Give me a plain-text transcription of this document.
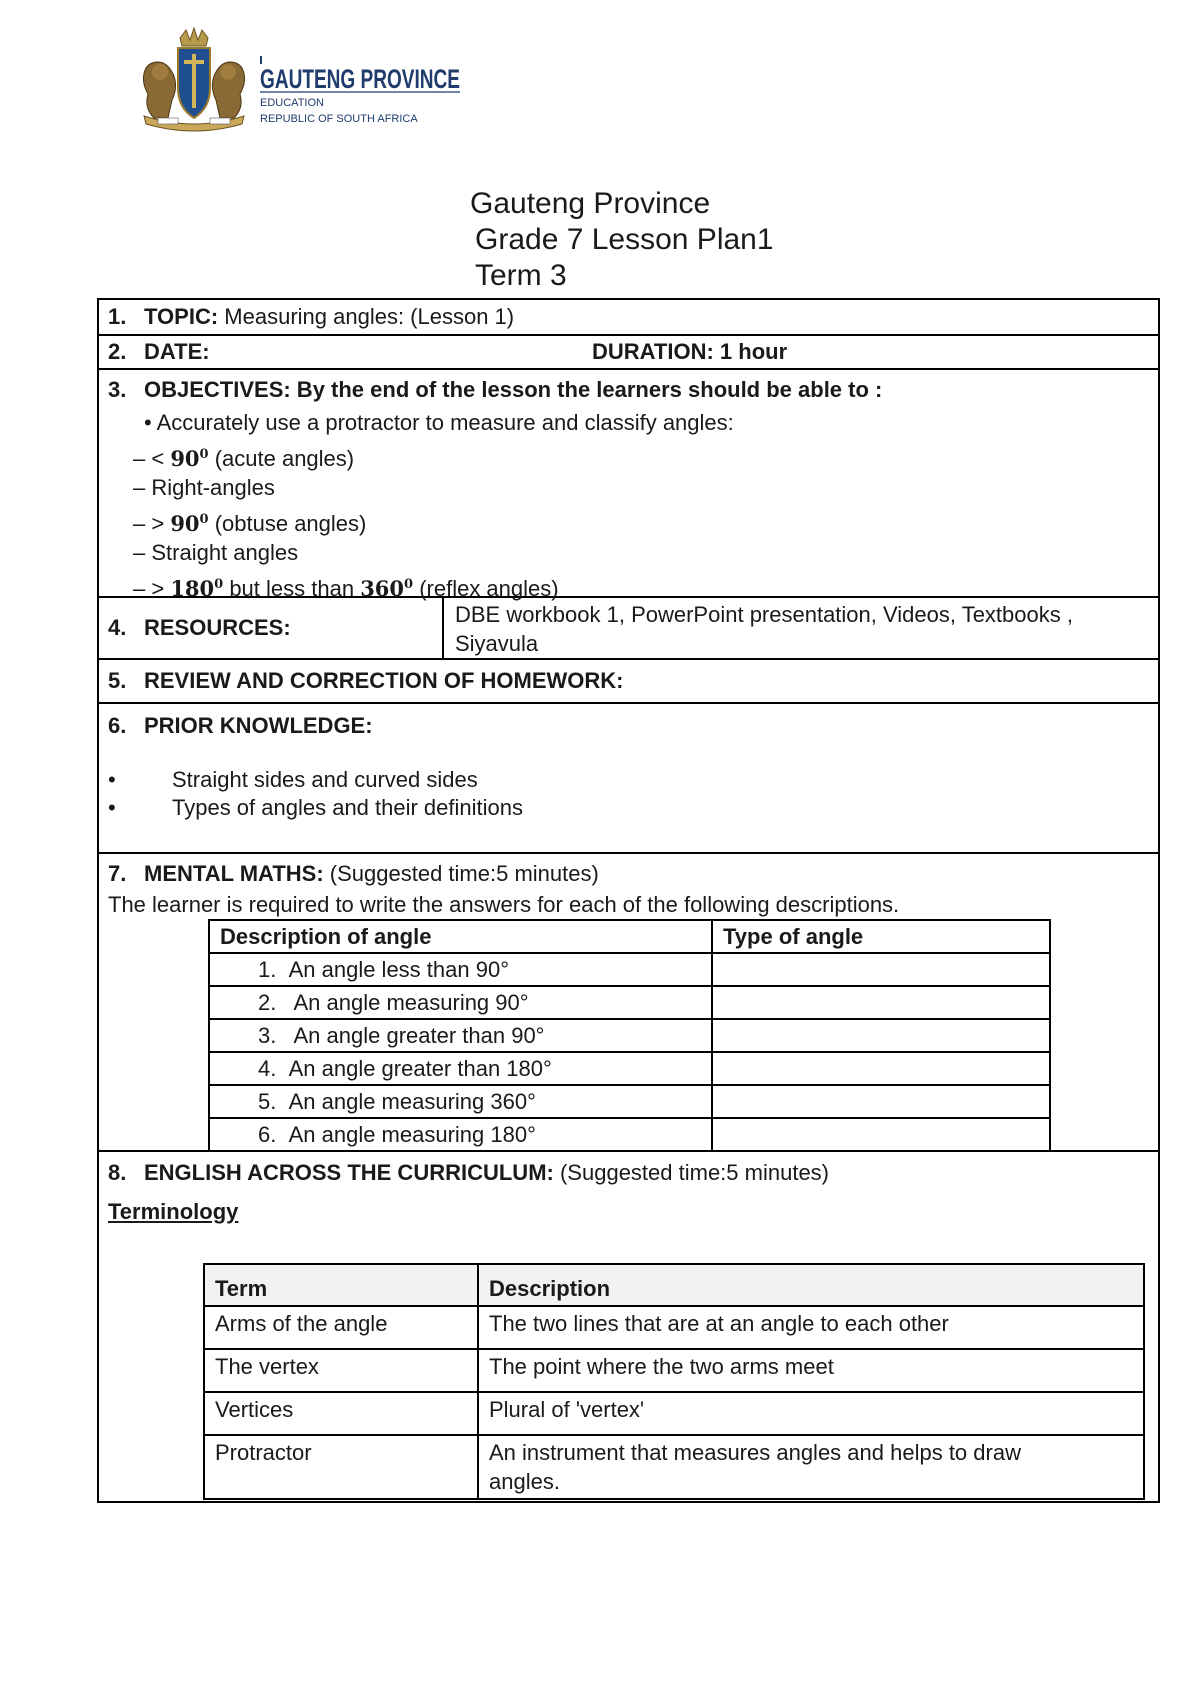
GAUTENG PROVINCE
EDUCATION
REPUBLIC OF SOUTH AFRICA
Gauteng Province
Grade 7 Lesson Plan1
Term 3
1. TOPIC: Measuring angles: (Lesson 1)
2. DATE:	DURATION: 1 hour
3. OBJECTIVES: By the end of the lesson the learners should be able to :
• Accurately use a protractor to measure and classify angles:
– < $90^0$ (acute angles)
– Right-angles
– > $90^0$ (obtuse angles)
– Straight angles
– > $180^0$ but less than $360^0$ (reflex angles)
4. RESOURCES:
DBE workbook 1, PowerPoint presentation, Videos, Textbooks ,
Siyavula
5. REVIEW AND CORRECTION OF HOMEWORK:
6. PRIOR KNOWLEDGE:
•	Straight sides and curved sides
•	Types of angles and their definitions
7. MENTAL MATHS: (Suggested time:5 minutes)
The learner is required to write the answers for each of the following descriptions.
Description of angle	Type of angle
1. An angle less than 90°	
2.   An angle measuring 90°	
3.   An angle greater than 90°	
4. An angle greater than 180°	
5. An angle measuring 360°	
6. An angle measuring 180°	
8. ENGLISH ACROSS THE CURRICULUM: (Suggested time:5 minutes)
Terminology
Term	Description
Arms of the angle	The two lines that are at an angle to each other
The vertex	The point where the two arms meet
Vertices	Plural of 'vertex'
Protractor	An instrument that measures angles and helps to draw
angles.
